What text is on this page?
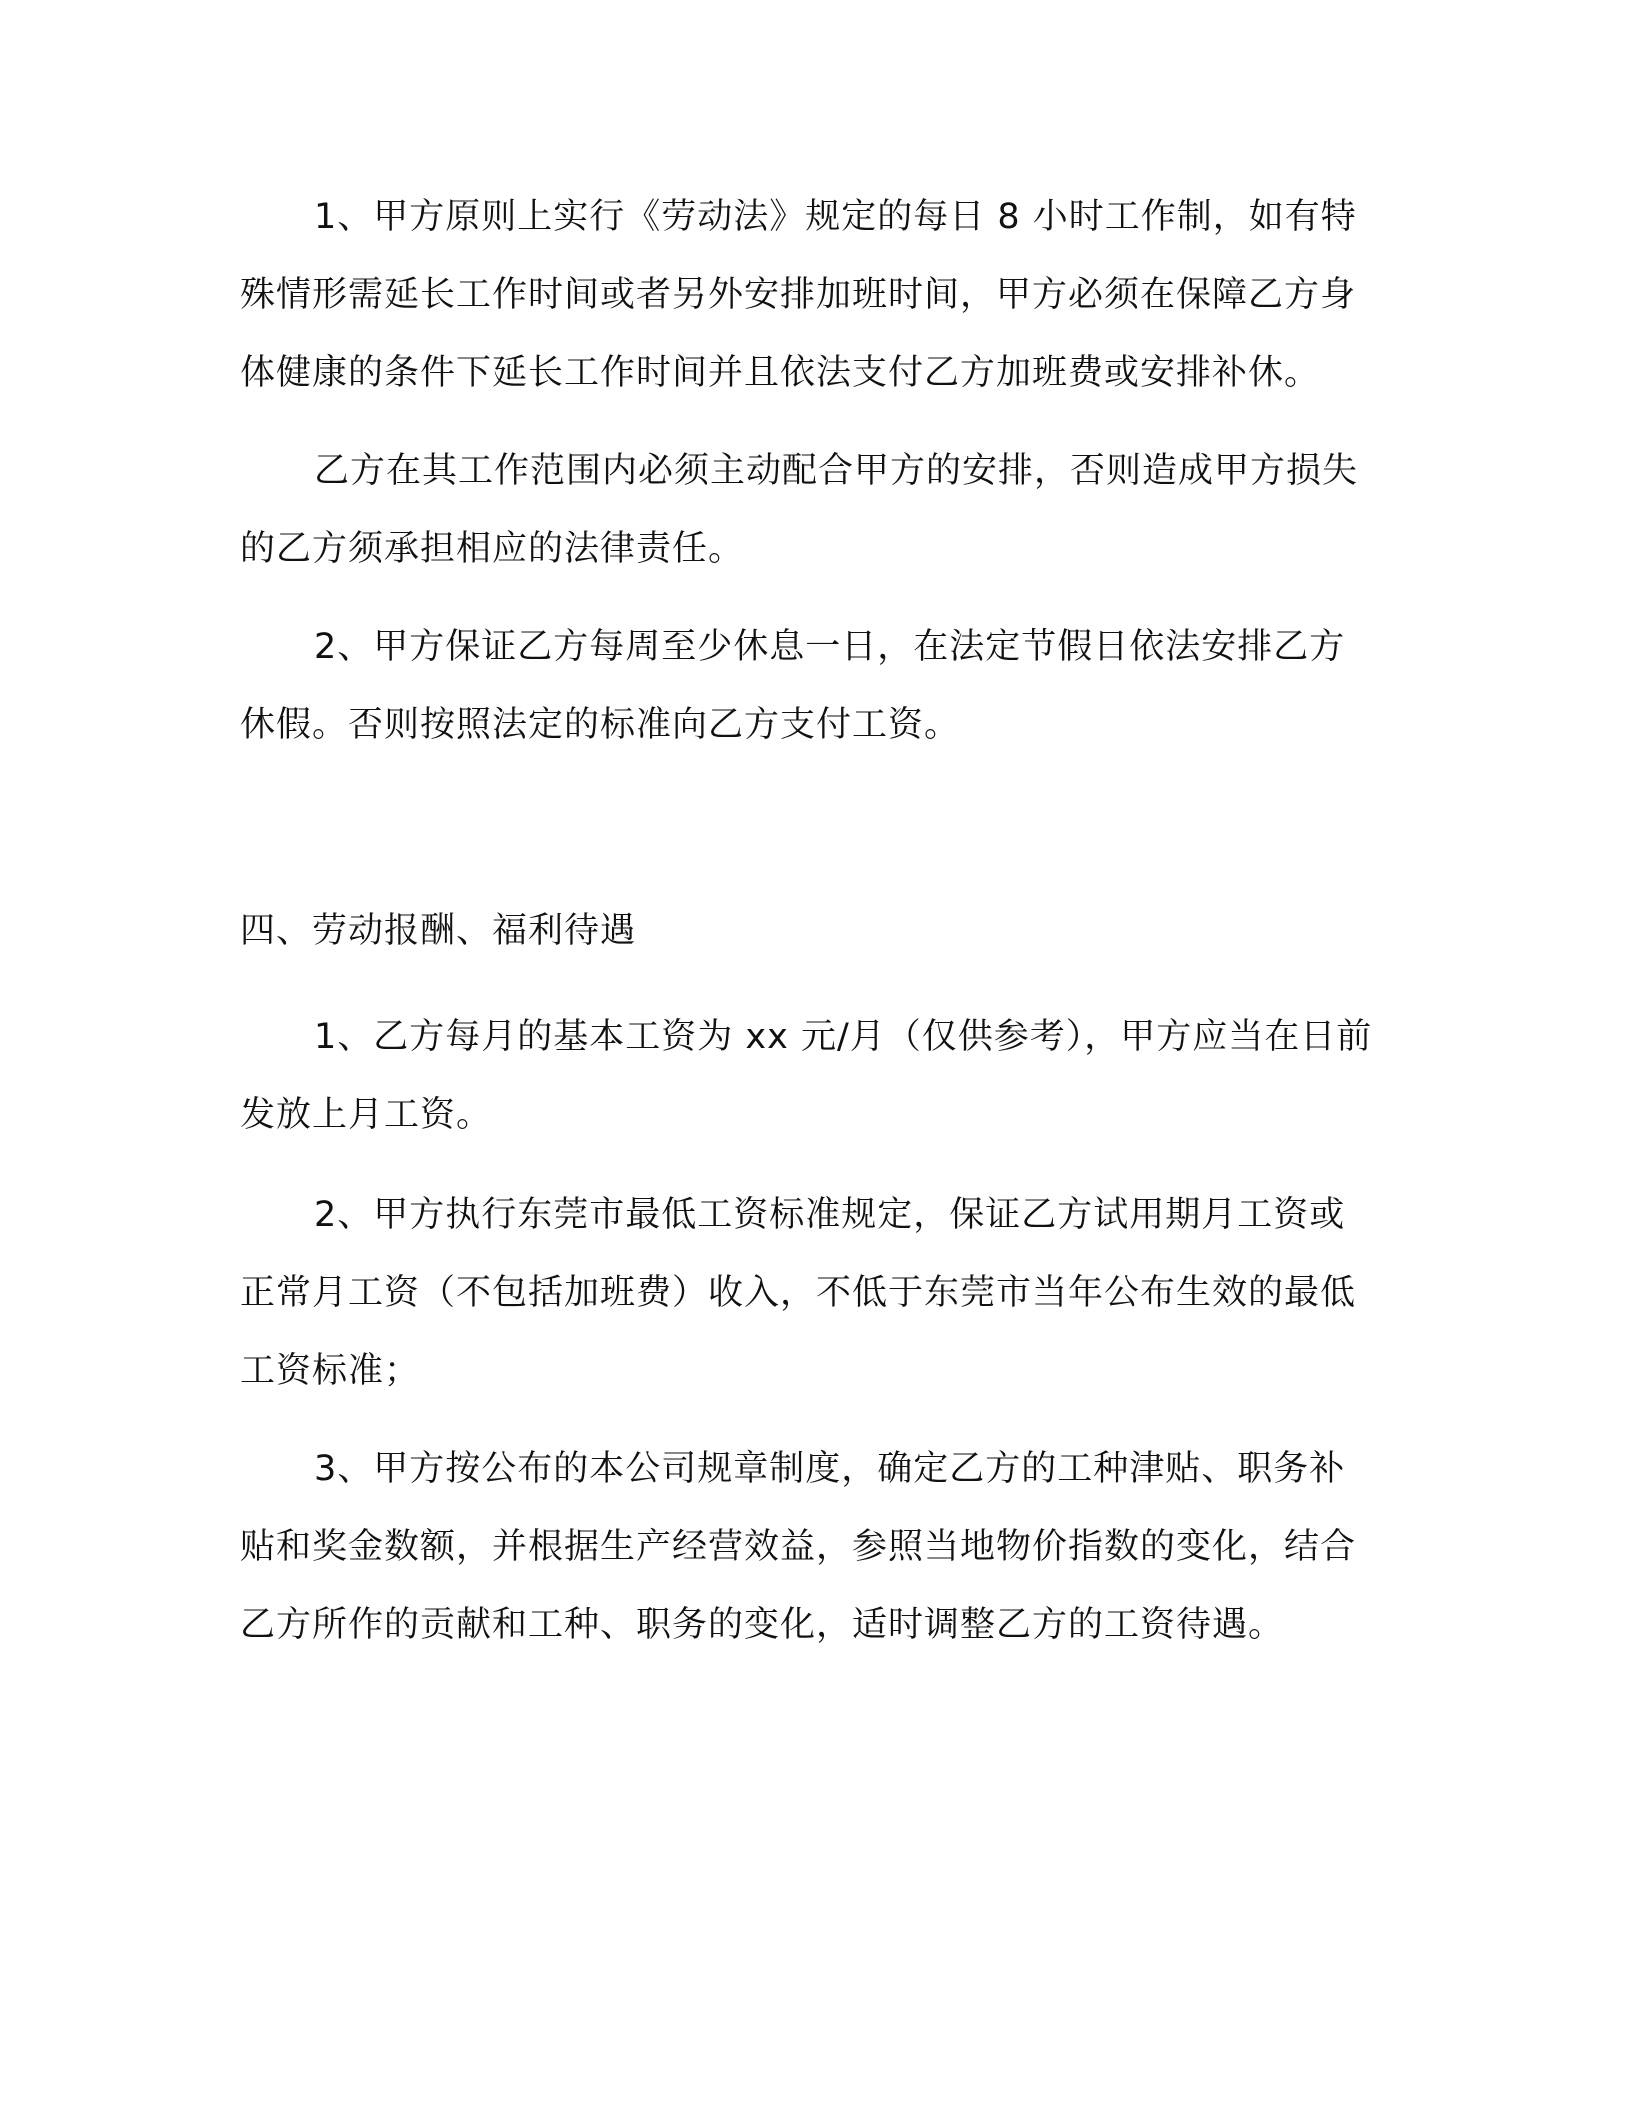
1、甲方原则上实行《劳动法》规定的每日 8 小时工作制，如有特殊情形需延长工作时间或者另外安排加班时间，甲方必须在保障乙方身体健康的条件下延长工作时间并且依法支付乙方加班费或安排补休。

乙方在其工作范围内必须主动配合甲方的安排，否则造成甲方损失的乙方须承担相应的法律责任。

2、甲方保证乙方每周至少休息一日，在法定节假日依法安排乙方休假。否则按照法定的标准向乙方支付工资。

四、劳动报酬、福利待遇

1、乙方每月的基本工资为 xx 元/月（仅供参考），甲方应当在日前发放上月工资。

2、甲方执行东莞市最低工资标准规定，保证乙方试用期月工资或正常月工资（不包括加班费）收入，不低于东莞市当年公布生效的最低工资标准；

3、甲方按公布的本公司规章制度，确定乙方的工种津贴、职务补贴和奖金数额，并根据生产经营效益，参照当地物价指数的变化，结合乙方所作的贡献和工种、职务的变化，适时调整乙方的工资待遇。
